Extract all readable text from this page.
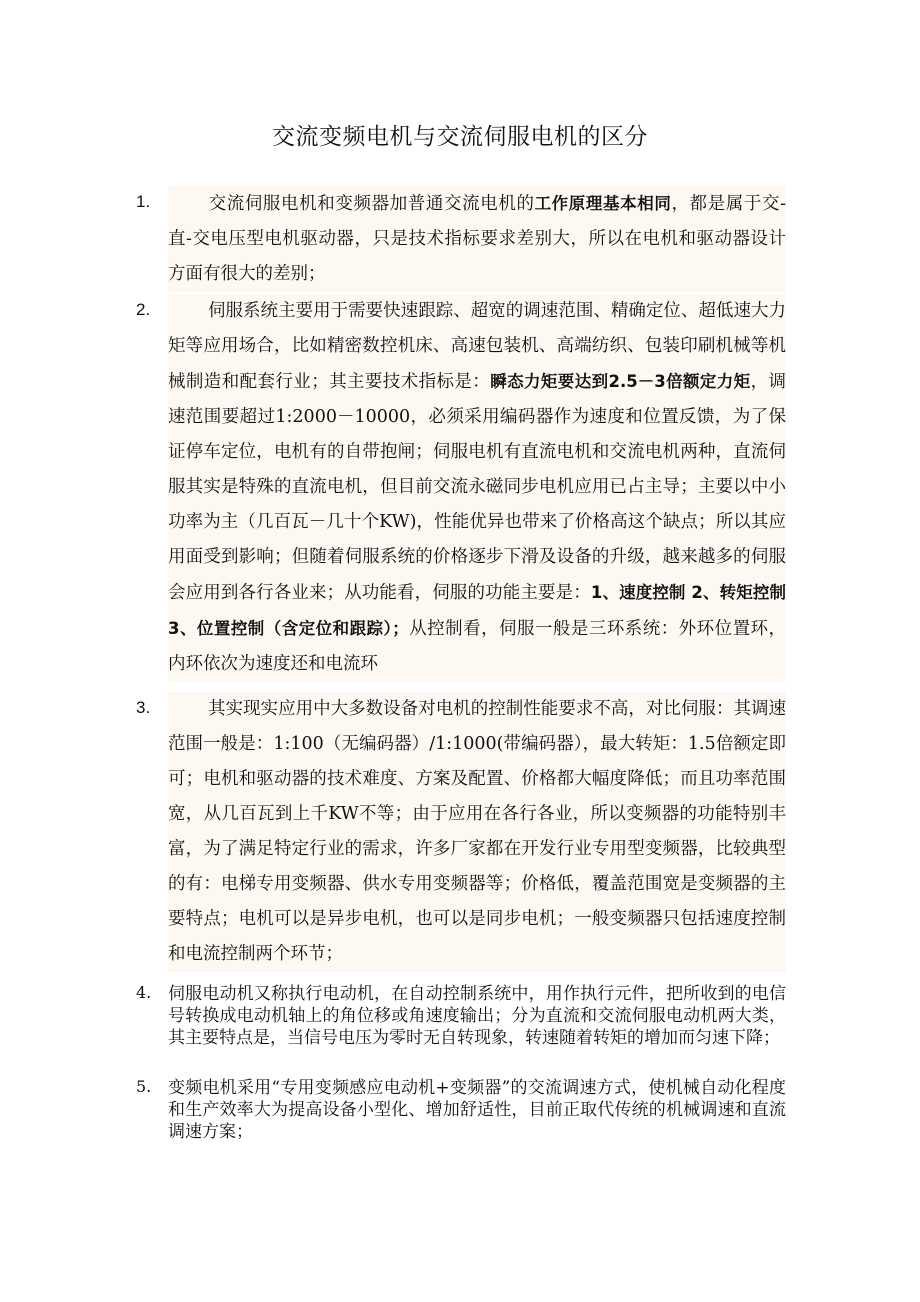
交流变频电机与交流伺服电机的区分
1.	交流伺服电机和变频器加普通交流电机的工作原理基本相同，都是属于交-直-交电压型电机驱动器，只是技术指标要求差别大，所以在电机和驱动器设计方面有很大的差别；
2.	伺服系统主要用于需要快速跟踪、超宽的调速范围、精确定位、超低速大力矩等应用场合，比如精密数控机床、高速包装机、高端纺织、包装印刷机械等机械制造和配套行业；其主要技术指标是：瞬态力矩要达到2.5－3倍额定力矩，调速范围要超过1:2000－10000，必须采用编码器作为速度和位置反馈，为了保证停车定位，电机有的自带抱闸；伺服电机有直流电机和交流电机两种，直流伺服其实是特殊的直流电机，但目前交流永磁同步电机应用已占主导；主要以中小功率为主（几百瓦－几十个KW)，性能优异也带来了价格高这个缺点；所以其应用面受到影响；但随着伺服系统的价格逐步下滑及设备的升级，越来越多的伺服会应用到各行各业来；从功能看，伺服的功能主要是：1、速度控制 2、转矩控制 3、位置控制（含定位和跟踪）；从控制看，伺服一般是三环系统：外环位置环，内环依次为速度还和电流环
3.	其实现实应用中大多数设备对电机的控制性能要求不高，对比伺服：其调速范围一般是：1:100（无编码器）/1:1000(带编码器），最大转矩：1.5倍额定即可；电机和驱动器的技术难度、方案及配置、价格都大幅度降低；而且功率范围宽，从几百瓦到上千KW不等；由于应用在各行各业，所以变频器的功能特别丰富，为了满足特定行业的需求，许多厂家都在开发行业专用型变频器，比较典型的有：电梯专用变频器、供水专用变频器等；价格低，覆盖范围宽是变频器的主要特点；电机可以是异步电机，也可以是同步电机；一般变频器只包括速度控制和电流控制两个环节；
4. 伺服电动机又称执行电动机，在自动控制系统中，用作执行元件，把所收到的电信号转换成电动机轴上的角位移或角速度输出；分为直流和交流伺服电动机两大类，其主要特点是，当信号电压为零时无自转现象，转速随着转矩的增加而匀速下降；
5. 变频电机采用“专用变频感应电动机+变频器”的交流调速方式，使机械自动化程度和生产效率大为提高设备小型化、增加舒适性，目前正取代传统的机械调速和直流调速方案；
